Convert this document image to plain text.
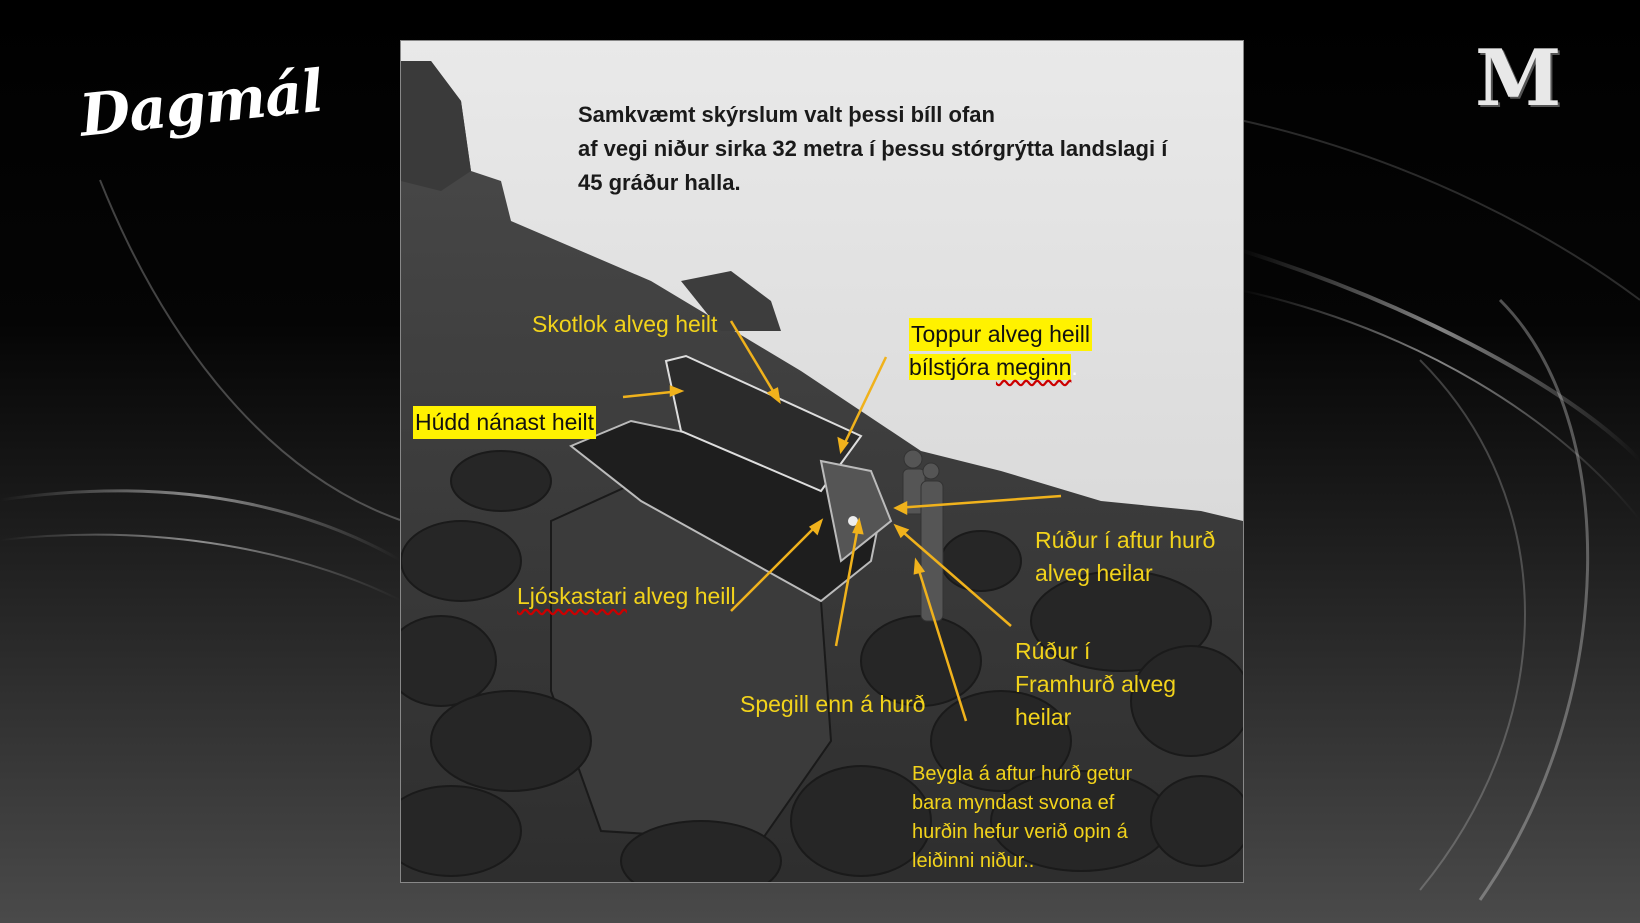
Dagmál	M
Samkvæmt skýrslum valt þessi bíll ofan
af vegi niður sirka 32 metra í þessu stórgrýtta landslagi í
45 gráður halla.
Skotlok alveg heilt	Toppur alveg heill
bílstjóra meginn.
Húdd nánast heilt
Rúður í aftur hurð
alveg heilar
Ljóskastari alveg heill
Rúður í
Framhurð alveg
heilar
Spegill enn á hurð
Beygla á aftur hurð getur
bara myndast svona ef
hurðin hefur verið opin á
leiðinni niður..
